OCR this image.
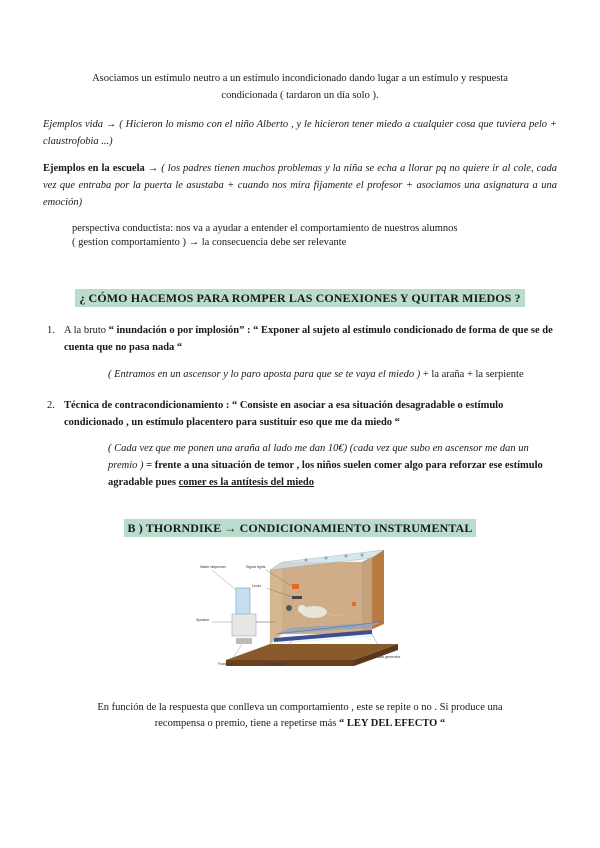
Asociamos un estímulo neutro a un estímulo incondicionado dando lugar a un estímulo y respuesta

condicionada ( tardaron un día solo ).

Ejemplos vida → ( Hicieron lo mismo con el niño Alberto , y le hicieron tener miedo a cualquier cosa que tuviera pelo + claustrofobia ...)

Ejemplos en la escuela → ( los padres tienen muchos problemas y la niña se echa a llorar pq no quiere ir al cole, cada vez que entraba por la puerta le asustaba + cuando nos mira fijamente el profesor + asociamos una asignatura a una emoción)

perspectiva conductista: nos va a ayudar a entender el comportamiento de nuestros alumnos

( gestion comportamiento ) → la consecuencia debe ser relevante

¿ CÓMO HACEMOS PARA ROMPER LAS CONEXIONES Y QUITAR MIEDOS ?
1. A la bruto “ inundación o por implosión” : “ Exponer al sujeto al estímulo condicionado de forma de que se de cuenta que no pasa nada “

( Entramos en un ascensor y lo paro aposta para que se te vaya el miedo ) + la araña + la serpiente

2. Técnica de contracondicionamiento : “ Consiste en asociar a esa situación desagradable o estímulo condicionado , un estímulo placentero para sustituir eso que me da miedo “

( Cada vez que me ponen una araña al lado me dan 10€) (cada vez que subo en ascensor me dan un premio ) = frente a una situación de temor , los niños suelen comer algo para reforzar ese estímulo agradable pues comer es la antítesis del miedo

B ) THORNDIKE → CONDICIONAMIENTO INSTRUMENTAL
Water dispenser	Signal lights
Lever
Speaker
Food cup	Electric grid
To shock generator

En función de la respuesta que conlleva un comportamiento , este se repite o no . Si produce una

recompensa o premio, tiene a repetirse más “ LEY DEL EFECTO “
